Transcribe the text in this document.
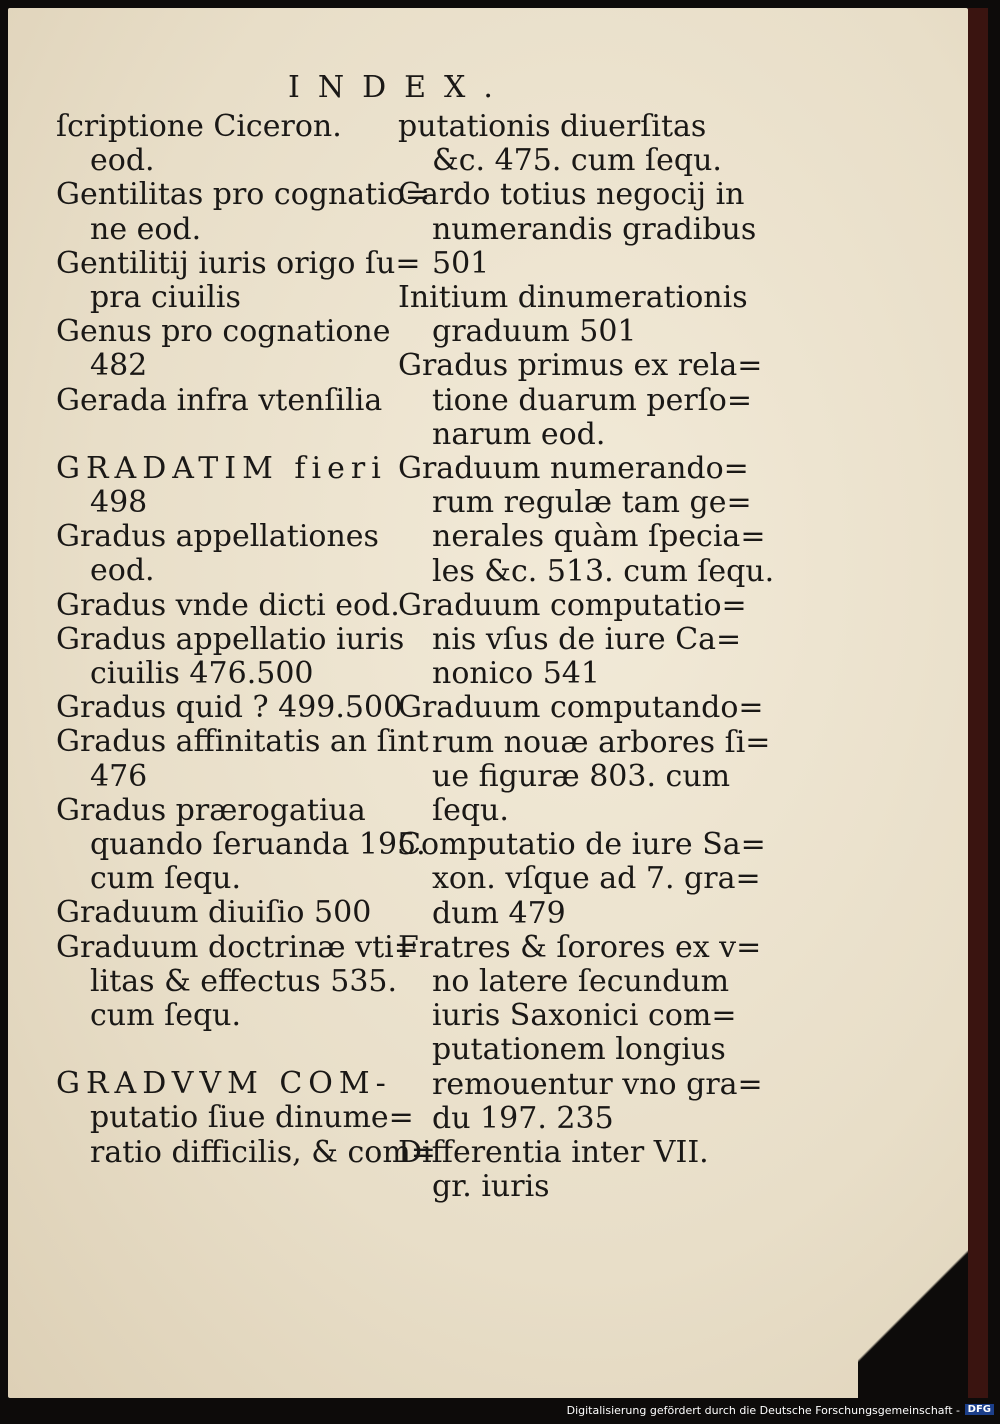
INDEX.
ſcriptione Ciceron.
eod.
Gentilitas pro cognatio=
ne eod.
Gentilitij iuris origo ſu=
pra ciuilis
Genus pro cognatione
482
Gerada infra vtenſilia
GRADATIM fieri
498
Gradus appellationes
eod.
Gradus vnde dicti eod.
Gradus appellatio iuris
ciuilis 476.500
Gradus quid ? 499.500
Gradus affinitatis an ſint
476
Gradus prærogatiua
quando ſeruanda 195.
cum ſequ.
Graduum diuiſio 500
Graduum doctrinæ vti=
litas & effectus 535.
cum ſequ.
GRADVVM COM-
putatio ſiue dinume=
ratio difficilis, & com=
putationis diuerſitas
&c. 475. cum ſequ.
Cardo totius negocij in
numerandis gradibus
501
Initium dinumerationis
graduum 501
Gradus primus ex rela=
tione duarum perſo=
narum eod.
Graduum numerando=
rum regulæ tam ge=
nerales quàm ſpecia=
les &c. 513. cum ſequ.
Graduum computatio=
nis vſus de iure Ca=
nonico 541
Graduum computando=
rum nouæ arbores ſi=
ue figuræ 803. cum
ſequ.
Computatio de iure Sa=
xon. vſque ad 7. gra=
dum 479
Fratres & ſorores ex v=
no latere ſecundum
iuris Saxonici com=
putationem longius
remouentur vno gra=
du 197. 235
Differentia inter VII.
gr. iuris
Digitalisierung gefördert durch die Deutsche Forschungsgemeinschaft - DFG
